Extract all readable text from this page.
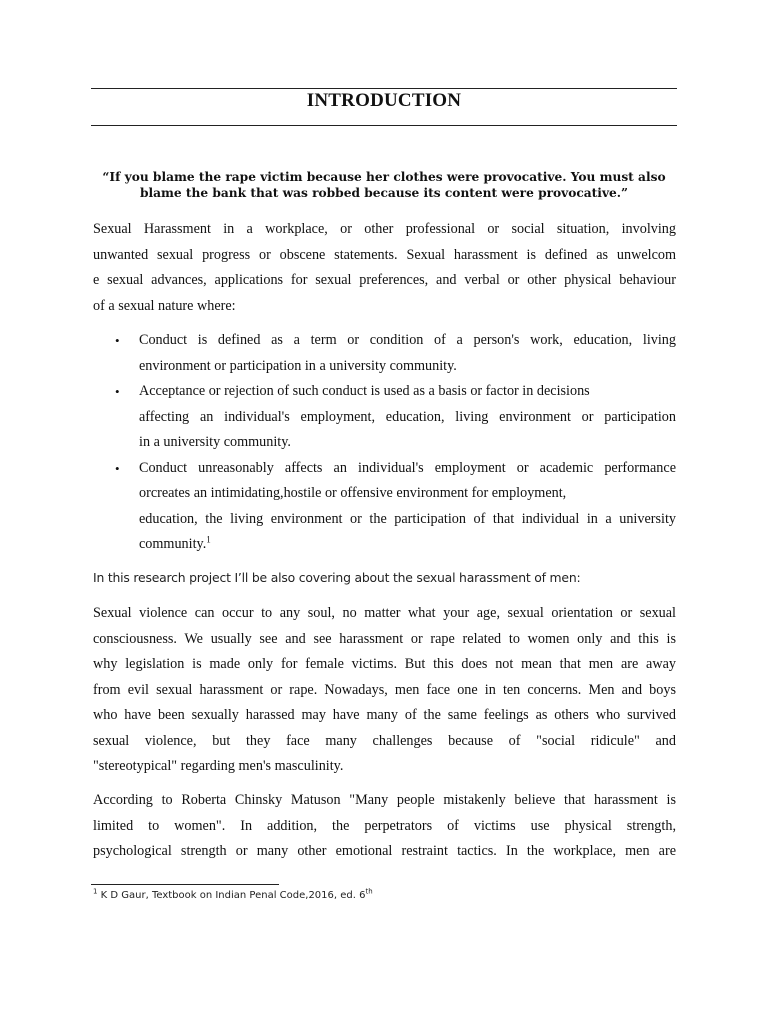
INTRODUCTION
“If you blame the rape victim because her clothes were provocative. You must also
blame the bank that was robbed because its content were provocative.”
Sexual Harassment in a workplace, or other professional or social situation, involving
unwanted sexual progress or obscene statements. Sexual harassment is defined as unwelcom
e sexual advances, applications for sexual preferences, and verbal or other physical behaviour
of a sexual nature where:
• Conduct is defined as a term or condition of a person's work, education, living
environment or participation in a university community.
• Acceptance or rejection of such conduct is used as a basis or factor in decisions
affecting an individual's employment, education, living environment or participation
in a university community.
• Conduct unreasonably affects an individual's employment or academic performance
orcreates an intimidating,hostile or offensive environment for employment,
education, the living environment or the participation of that individual in a university
community.$^1$
In this research project I’ll be also covering about the sexual harassment of men:
Sexual violence can occur to any soul, no matter what your age, sexual orientation or sexual
consciousness. We usually see and see harassment or rape related to women only and this is
why legislation is made only for female victims. But this does not mean that men are away
from evil sexual harassment or rape. Nowadays, men face one in ten concerns. Men and boys
who have been sexually harassed may have many of the same feelings as others who survived
sexual violence, but they face many challenges because of "social ridicule" and
"stereotypical" regarding men's masculinity.
According to Roberta Chinsky Matuson "Many people mistakenly believe that harassment is
limited to women". In addition, the perpetrators of victims use physical strength,
psychological strength or many other emotional restraint tactics. In the workplace, men are
$^1$ K D Gaur, Textbook on Indian Penal Code,2016, ed. 6th
